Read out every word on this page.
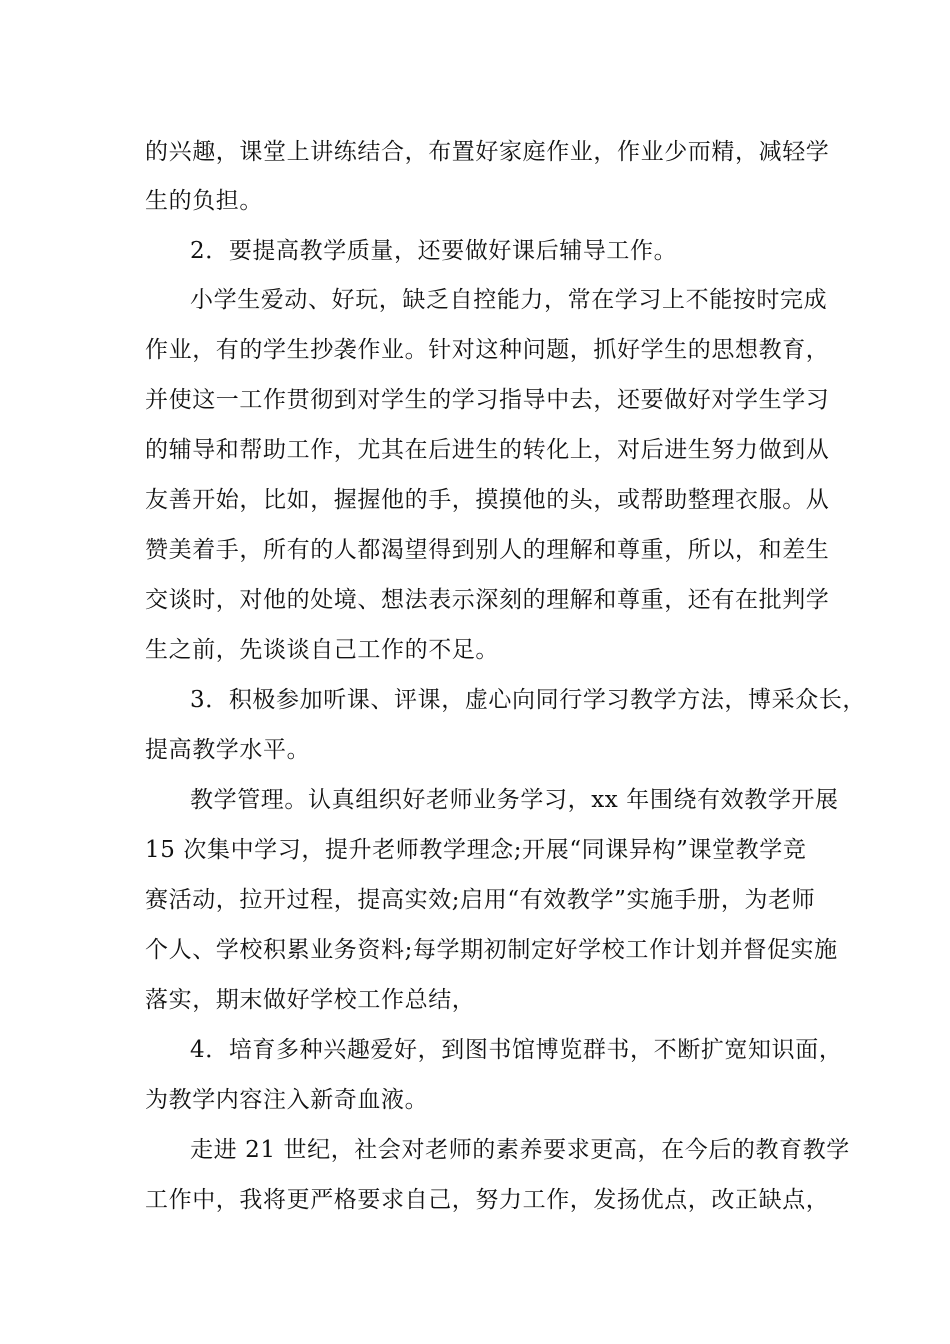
的兴趣，课堂上讲练结合，布置好家庭作业，作业少而精，减轻学

生的负担。

2．要提高教学质量，还要做好课后辅导工作。

小学生爱动、好玩，缺乏自控能力，常在学习上不能按时完成

作业，有的学生抄袭作业。针对这种问题，抓好学生的思想教育，

并使这一工作贯彻到对学生的学习指导中去，还要做好对学生学习

的辅导和帮助工作，尤其在后进生的转化上，对后进生努力做到从

友善开始，比如，握握他的手，摸摸他的头，或帮助整理衣服。从

赞美着手，所有的人都渴望得到别人的理解和尊重，所以，和差生

交谈时，对他的处境、想法表示深刻的理解和尊重，还有在批判学

生之前，先谈谈自己工作的不足。

3．积极参加听课、评课，虚心向同行学习教学方法，博采众长，

提高教学水平。

教学管理。认真组织好老师业务学习，xx 年围绕有效教学开展

15 次集中学习，提升老师教学理念;开展“同课异构”课堂教学竞

赛活动，拉开过程，提高实效;启用“有效教学”实施手册，为老师

个人、学校积累业务资料;每学期初制定好学校工作计划并督促实施

落实，期末做好学校工作总结，

4．培育多种兴趣爱好，到图书馆博览群书，不断扩宽知识面，

为教学内容注入新奇血液。

走进 21 世纪，社会对老师的素养要求更高，在今后的教育教学

工作中，我将更严格要求自己，努力工作，发扬优点，改正缺点，
